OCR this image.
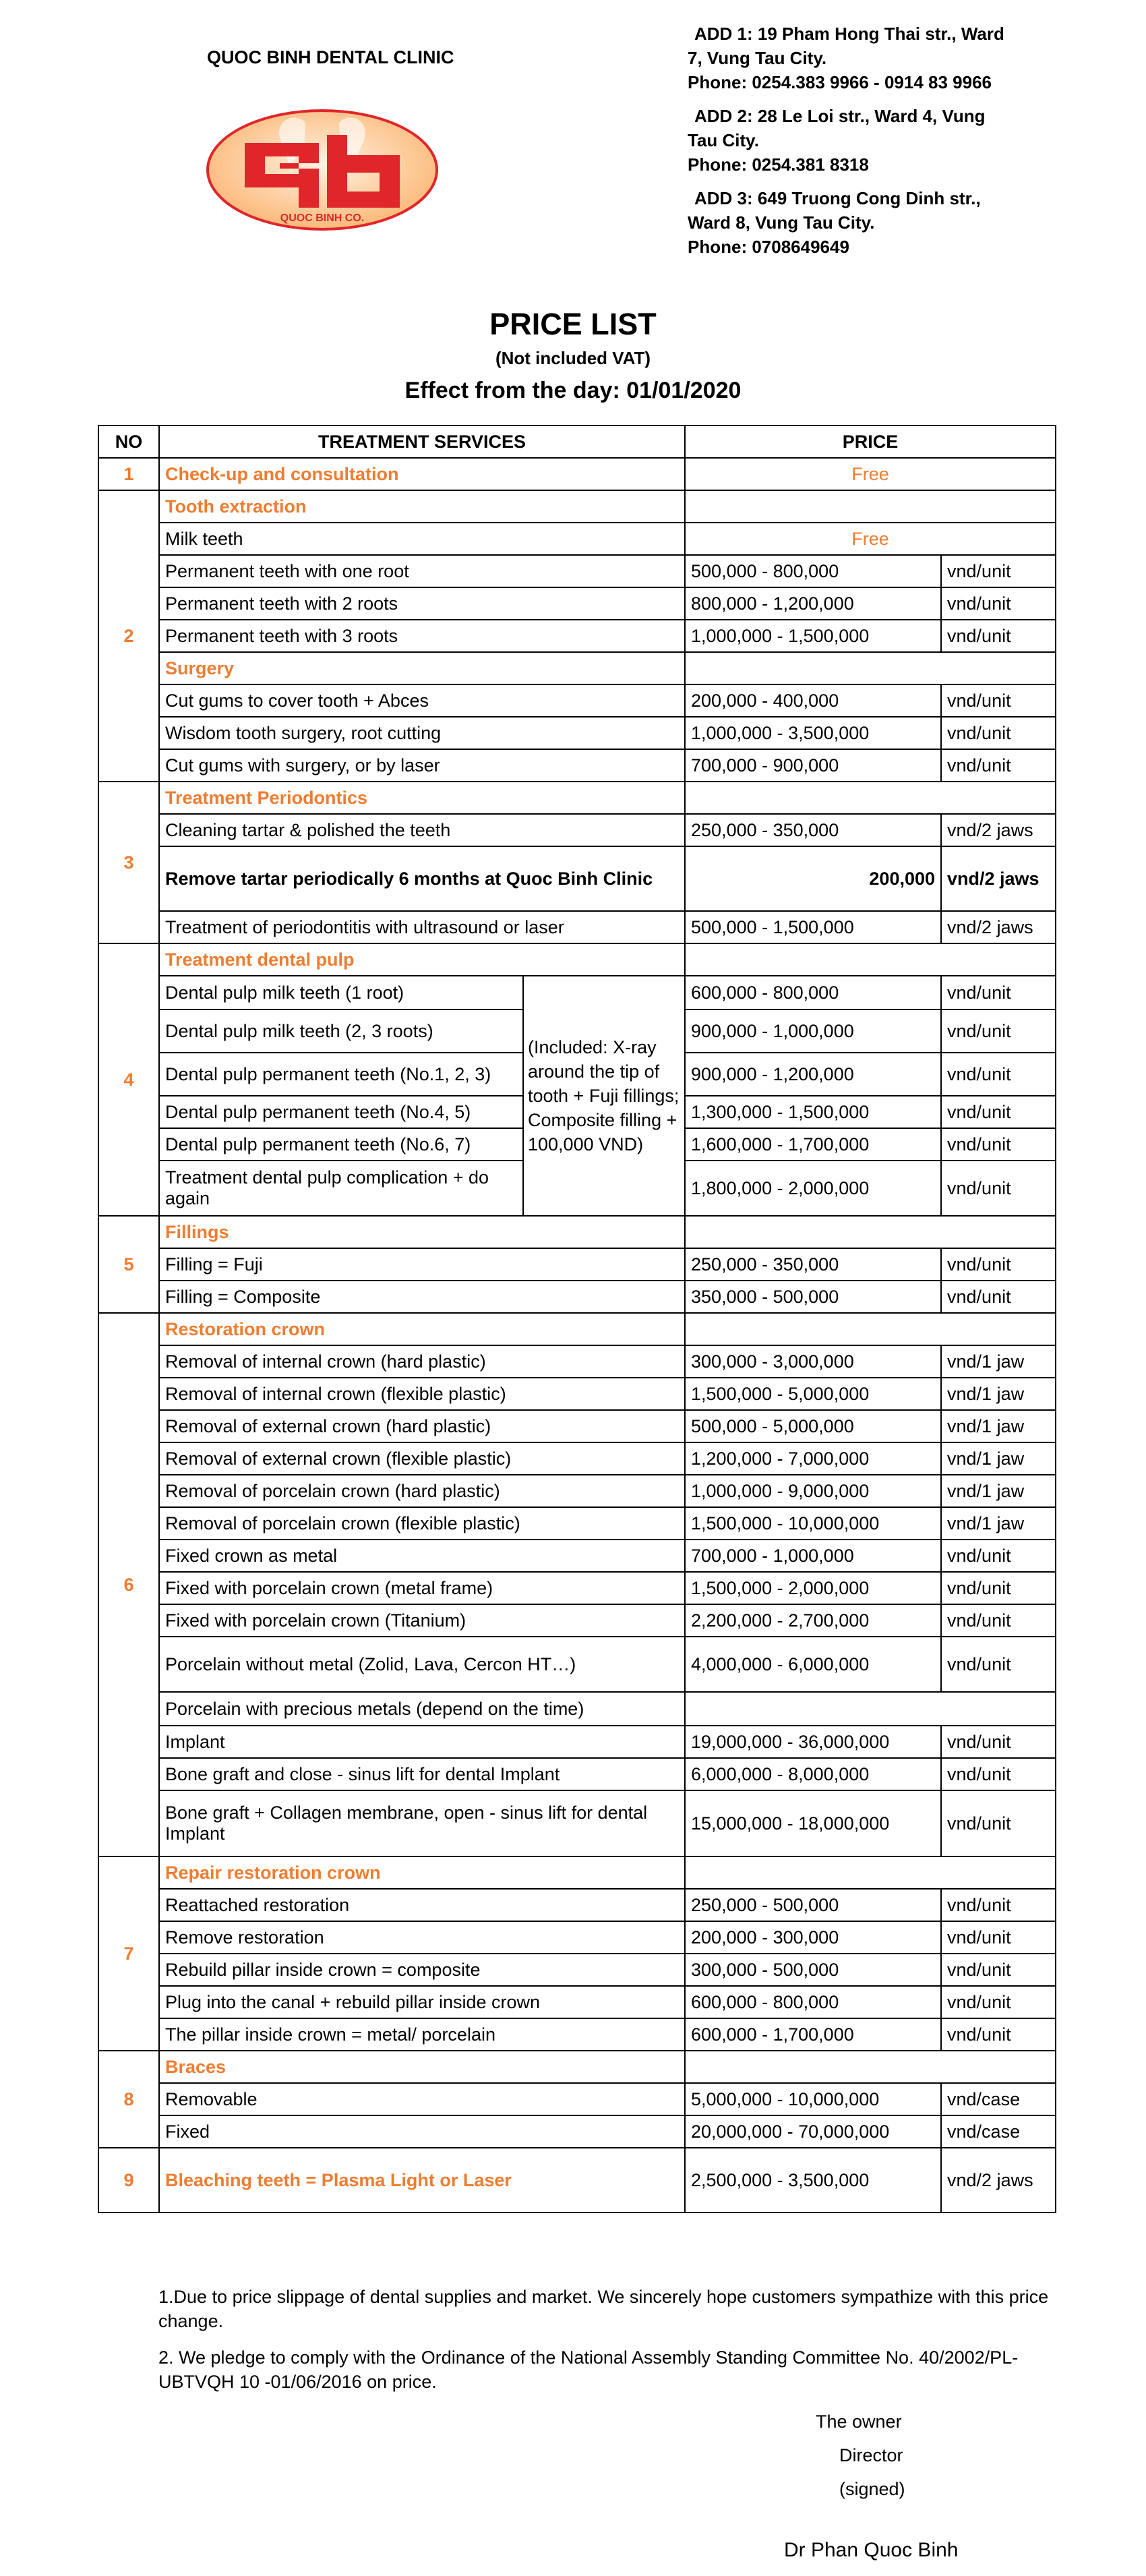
QUOC BINH DENTAL CLINIC
QUOC BINH CO.
ADD 1: 19 Pham Hong Thai str., Ward
7, Vung Tau City.
Phone: 0254.383 9966 - 0914 83 9966
ADD 2: 28 Le Loi str., Ward 4, Vung
Tau City.
Phone: 0254.381 8318
ADD 3: 649 Truong Cong Dinh str.,
Ward 8, Vung Tau City.
Phone: 0708649649
PRICE LIST
(Not included VAT)
Effect from the day: 01/01/2020
NO	TREATMENT SERVICES		PRICE	
1	Check-up and consultation		Free	
2	Tooth extraction			
	Milk teeth		Free	
	Permanent teeth with one root		500,000 - 800,000	vnd/unit
	Permanent teeth with 2 roots		800,000 - 1,200,000	vnd/unit
	Permanent teeth with 3 roots		1,000,000 - 1,500,000	vnd/unit
	Surgery			
	Cut gums to cover tooth + Abces		200,000 - 400,000	vnd/unit
	Wisdom tooth surgery, root cutting		1,000,000 - 3,500,000	vnd/unit
	Cut gums with surgery, or by laser		700,000 - 900,000	vnd/unit
3	Treatment Periodontics			
	Cleaning tartar & polished the teeth		250,000 - 350,000	vnd/2 jaws
	Remove tartar periodically 6 months at Quoc Binh Clinic		200,000	vnd/2 jaws
	Treatment of periodontitis with ultrasound or laser		500,000 - 1,500,000	vnd/2 jaws
4	Treatment dental pulp			
	Dental pulp milk teeth (1 root)	(Included: X-ray around the tip of tooth + Fuji fillings; Composite filling + 100,000 VND)	600,000 - 800,000	vnd/unit
	Dental pulp milk teeth (2, 3 roots)		900,000 - 1,000,000	vnd/unit
	Dental pulp permanent teeth (No.1, 2, 3)		900,000 - 1,200,000	vnd/unit
	Dental pulp permanent teeth (No.4, 5)		1,300,000 - 1,500,000	vnd/unit
	Dental pulp permanent teeth (No.6, 7)		1,600,000 - 1,700,000	vnd/unit
	Treatment dental pulp complication + do again		1,800,000 - 2,000,000	vnd/unit
5	Fillings			
	Filling = Fuji		250,000 - 350,000	vnd/unit
	Filling = Composite		350,000 - 500,000	vnd/unit
6	Restoration crown			
	Removal of internal crown (hard plastic)		300,000 - 3,000,000	vnd/1 jaw
	Removal of internal crown (flexible plastic)		1,500,000 - 5,000,000	vnd/1 jaw
	Removal of external crown (hard plastic)		500,000 - 5,000,000	vnd/1 jaw
	Removal of external crown (flexible plastic)		1,200,000 - 7,000,000	vnd/1 jaw
	Removal of porcelain crown (hard plastic)		1,000,000 - 9,000,000	vnd/1 jaw
	Removal of porcelain crown (flexible plastic)		1,500,000 - 10,000,000	vnd/1 jaw
	Fixed crown as metal		700,000 - 1,000,000	vnd/unit
	Fixed with porcelain crown (metal frame)		1,500,000 - 2,000,000	vnd/unit
	Fixed with porcelain crown (Titanium)		2,200,000 - 2,700,000	vnd/unit
	Porcelain without metal (Zolid, Lava, Cercon HT…)		4,000,000 - 6,000,000	vnd/unit
	Porcelain with precious metals (depend on the time)			
	Implant		19,000,000 - 36,000,000	vnd/unit
	Bone graft and close - sinus lift for dental Implant		6,000,000 - 8,000,000	vnd/unit
	Bone graft + Collagen membrane, open - sinus lift for dental Implant		15,000,000 - 18,000,000	vnd/unit
7	Repair restoration crown			
	Reattached restoration		250,000 - 500,000	vnd/unit
	Remove restoration		200,000 - 300,000	vnd/unit
	Rebuild pillar inside crown = composite		300,000 - 500,000	vnd/unit
	Plug into the canal + rebuild pillar inside crown		600,000 - 800,000	vnd/unit
	The pillar inside crown = metal/ porcelain		600,000 - 1,700,000	vnd/unit
8	Braces			
	Removable		5,000,000 - 10,000,000	vnd/case
	Fixed		20,000,000 - 70,000,000	vnd/case
9	Bleaching teeth = Plasma Light or Laser		2,500,000 - 3,500,000	vnd/2 jaws

1.Due to price slippage of dental supplies and market. We sincerely hope customers sympathize with this price change.

2. We pledge to comply with the Ordinance of the National Assembly Standing Committee No. 40/2002/PL-UBTVQH 10 -01/06/2016 on price.

The owner
Director
(signed)
Dr Phan Quoc Binh
